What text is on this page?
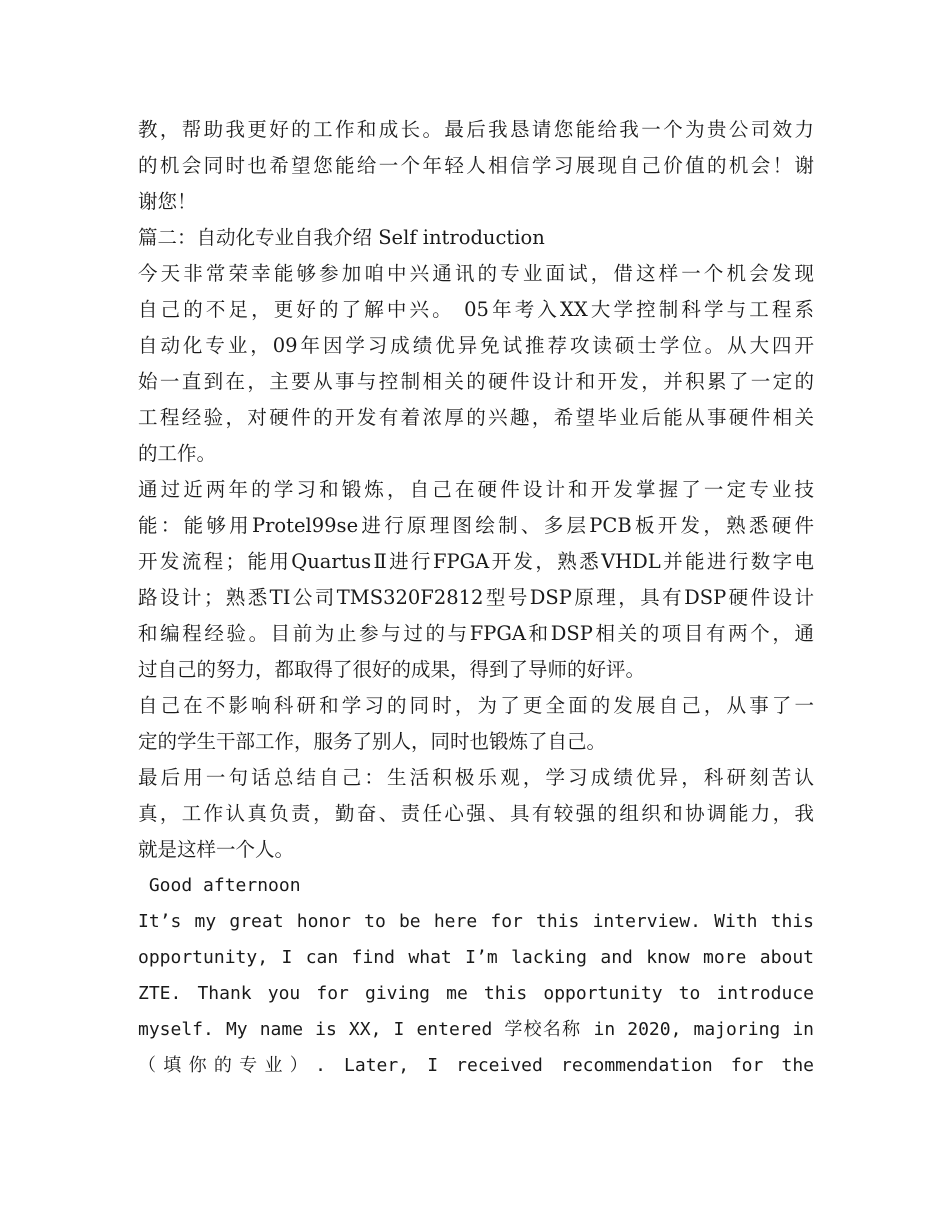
教，帮助我更好的工作和成长。最后我恳请您能给我一个为贵公司效力
的机会同时也希望您能给一个年轻人相信学习展现自己价值的机会！谢
谢您！
篇二：自动化专业自我介绍 Self introduction
今天非常荣幸能够参加咱中兴通讯的专业面试，借这样一个机会发现
自己的不足，更好的了解中兴。 05年考入XX大学控制科学与工程系
自动化专业，09年因学习成绩优异免试推荐攻读硕士学位。从大四开
始一直到在，主要从事与控制相关的硬件设计和开发，并积累了一定的
工程经验，对硬件的开发有着浓厚的兴趣，希望毕业后能从事硬件相关
的工作。
通过近两年的学习和锻炼，自己在硬件设计和开发掌握了一定专业技
能：能够用Protel99se进行原理图绘制、多层PCB板开发，熟悉硬件
开发流程；能用QuartusⅡ进行FPGA开发，熟悉VHDL并能进行数字电
路设计；熟悉TI公司TMS320F2812型号DSP原理，具有DSP硬件设计
和编程经验。目前为止参与过的与FPGA和DSP相关的项目有两个，通
过自己的努力，都取得了很好的成果，得到了导师的好评。
自己在不影响科研和学习的同时，为了更全面的发展自己，从事了一
定的学生干部工作，服务了别人，同时也锻炼了自己。
最后用一句话总结自己：生活积极乐观，学习成绩优异，科研刻苦认
真，工作认真负责，勤奋、责任心强、具有较强的组织和协调能力，我
就是这样一个人。
Good afternoon
It’s my great honor to be here for this interview. With this
opportunity, I can find what I’m lacking and know more about
ZTE. Thank you for giving me this opportunity to introduce
myself. My name is XX, I entered 学校名称 in 2020, majoring in
（填你的专业）. Later, I received recommendation for the
